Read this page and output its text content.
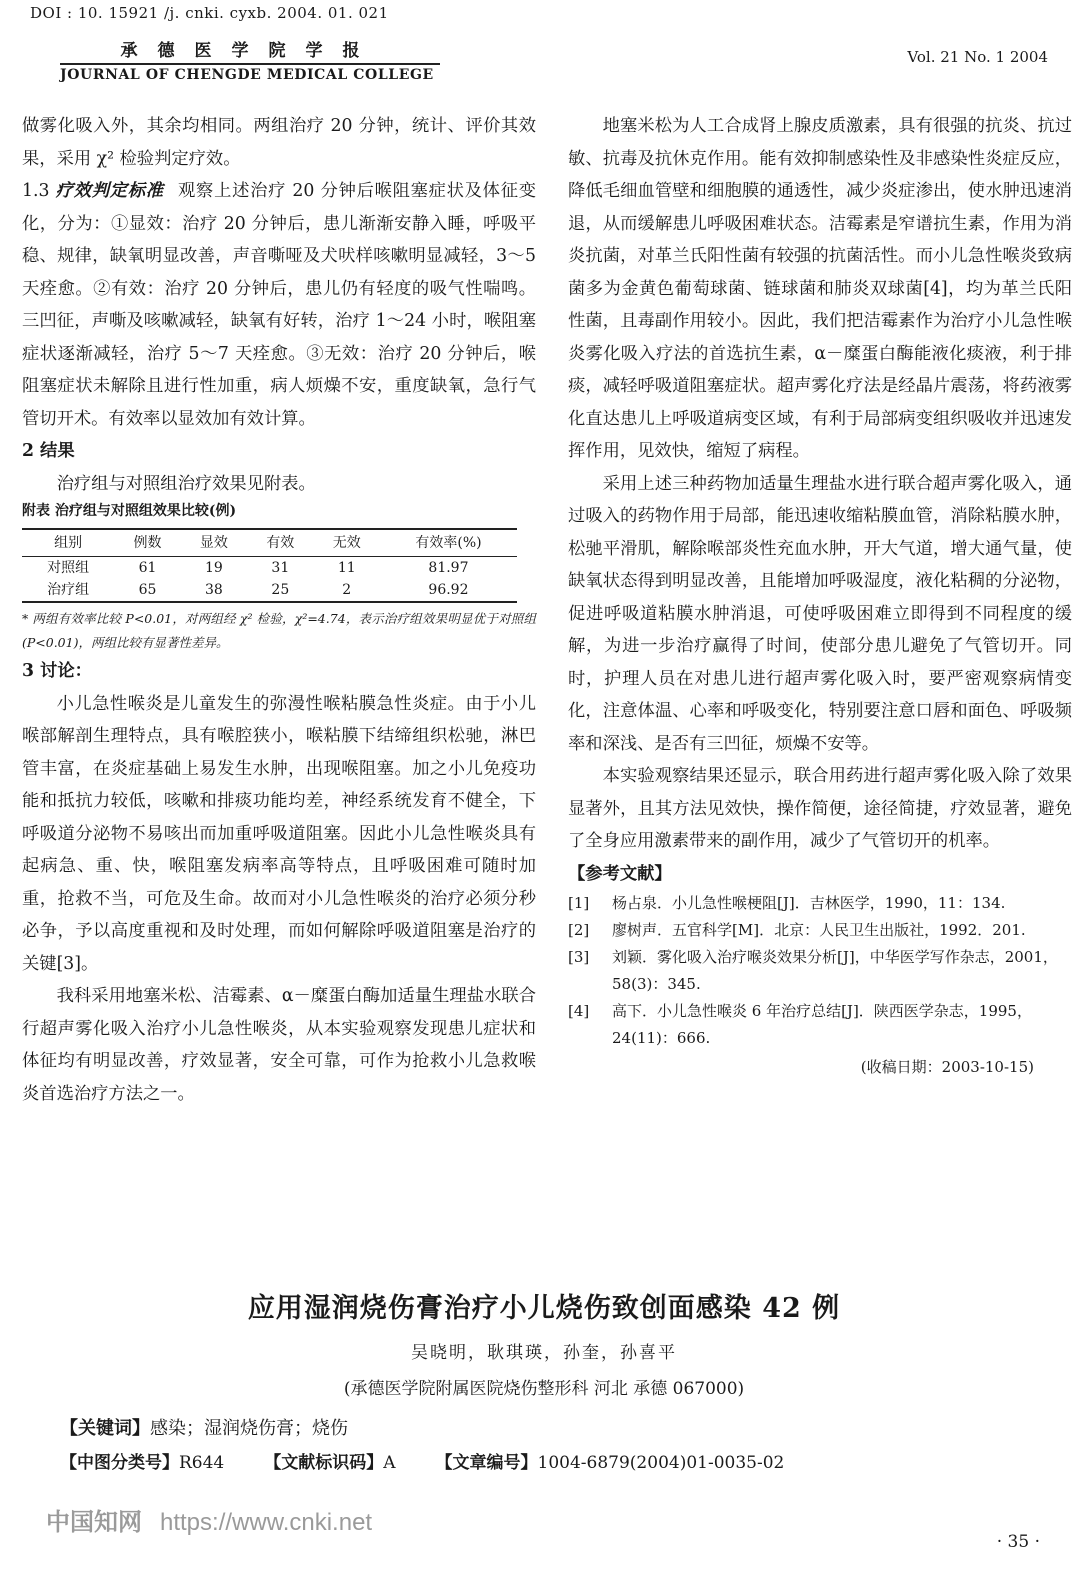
DOI : 10. 15921 /j. cnki. cyxb. 2004. 01. 021
承德医学院学报
JOURNAL OF CHENGDE MEDICAL COLLEGE
Vol. 21 No. 1 2004

做雾化吸入外，其余均相同。两组治疗 20 分钟，统计、评价其效果，采用 χ² 检验判定疗效。

1.3 疗效判定标准 观察上述治疗 20 分钟后喉阻塞症状及体征变化，分为：①显效：治疗 20 分钟后，患儿渐渐安静入睡，呼吸平稳、规律，缺氧明显改善，声音嘶哑及犬吠样咳嗽明显减轻，3～5 天痊愈。②有效：治疗 20 分钟后，患儿仍有轻度的吸气性喘鸣。三凹征，声嘶及咳嗽减轻，缺氧有好转，治疗 1～24 小时，喉阻塞症状逐渐减轻，治疗 5～7 天痊愈。③无效：治疗 20 分钟后，喉阻塞症状未解除且进行性加重，病人烦燥不安，重度缺氧，急行气管切开术。有效率以显效加有效计算。

2 结果

治疗组与对照组治疗效果见附表。

附表 治疗组与对照组效果比较(例)

组别	例数	显效	有效	无效	有效率(%)
对照组	61	19	31	11	81.97
治疗组	65	38	25	2	96.92

* 两组有效率比较 P<0.01，对两组经 χ² 检验，χ²=4.74，表示治疗组效果明显优于对照组(P<0.01)，两组比较有显著性差异。

3 讨论：

小儿急性喉炎是儿童发生的弥漫性喉粘膜急性炎症。由于小儿喉部解剖生理特点，具有喉腔狭小，喉粘膜下结缔组织松驰，淋巴管丰富，在炎症基础上易发生水肿，出现喉阻塞。加之小儿免疫功能和抵抗力较低，咳嗽和排痰功能均差，神经系统发育不健全，下呼吸道分泌物不易咳出而加重呼吸道阻塞。因此小儿急性喉炎具有起病急、重、快，喉阻塞发病率高等特点，且呼吸困难可随时加重，抢救不当，可危及生命。故而对小儿急性喉炎的治疗必须分秒必争，予以高度重视和及时处理，而如何解除呼吸道阻塞是治疗的关键[3]。

我科采用地塞米松、洁霉素、α－糜蛋白酶加适量生理盐水联合行超声雾化吸入治疗小儿急性喉炎，从本实验观察发现患儿症状和体征均有明显改善，疗效显著，安全可靠，可作为抢救小儿急救喉炎首选治疗方法之一。

地塞米松为人工合成肾上腺皮质激素，具有很强的抗炎、抗过敏、抗毒及抗休克作用。能有效抑制感染性及非感染性炎症反应，降低毛细血管壁和细胞膜的通透性，减少炎症渗出，使水肿迅速消退，从而缓解患儿呼吸困难状态。洁霉素是窄谱抗生素，作用为消炎抗菌，对革兰氏阳性菌有较强的抗菌活性。而小儿急性喉炎致病菌多为金黄色葡萄球菌、链球菌和肺炎双球菌[4]，均为革兰氏阳性菌，且毒副作用较小。因此，我们把洁霉素作为治疗小儿急性喉炎雾化吸入疗法的首选抗生素，α－糜蛋白酶能液化痰液，利于排痰，减轻呼吸道阻塞症状。超声雾化疗法是经晶片震荡，将药液雾化直达患儿上呼吸道病变区域，有利于局部病变组织吸收并迅速发挥作用，见效快，缩短了病程。

采用上述三种药物加适量生理盐水进行联合超声雾化吸入，通过吸入的药物作用于局部，能迅速收缩粘膜血管，消除粘膜水肿，松驰平滑肌，解除喉部炎性充血水肿，开大气道，增大通气量，使缺氧状态得到明显改善，且能增加呼吸湿度，液化粘稠的分泌物，促进呼吸道粘膜水肿消退，可使呼吸困难立即得到不同程度的缓解，为进一步治疗赢得了时间，使部分患儿避免了气管切开。同时，护理人员在对患儿进行超声雾化吸入时，要严密观察病情变化，注意体温、心率和呼吸变化，特别要注意口唇和面色、呼吸频率和深浅、是否有三凹征，烦燥不安等。

本实验观察结果还显示，联合用药进行超声雾化吸入除了效果显著外，且其方法见效快，操作简便，途径简捷，疗效显著，避免了全身应用激素带来的副作用，减少了气管切开的机率。

【参考文献】

[1]	杨占泉．小儿急性喉梗阻[J]．吉林医学，1990，11：134.
[2]	廖树声．五官科学[M]．北京：人民卫生出版社，1992．201.
[3]	刘颖．雾化吸入治疗喉炎效果分析[J]，中华医学写作杂志，2001，58(3)：345.
[4]	高下．小儿急性喉炎 6 年治疗总结[J]．陕西医学杂志，1995，24(11)：666.
(收稿日期：2003-10-15)
应用湿润烧伤膏治疗小儿烧伤致创面感染 42 例
吴晓明，耿琪瑛，孙奎，孙喜平
(承德医学院附属医院烧伤整形科 河北 承德 067000)
【关键词】感染；湿润烧伤膏；烧伤
【中图分类号】R644 【文献标识码】A 【文章编号】1004-6879(2004)01-0035-02
中国知网 https://www.cnki.net
· 35 ·
